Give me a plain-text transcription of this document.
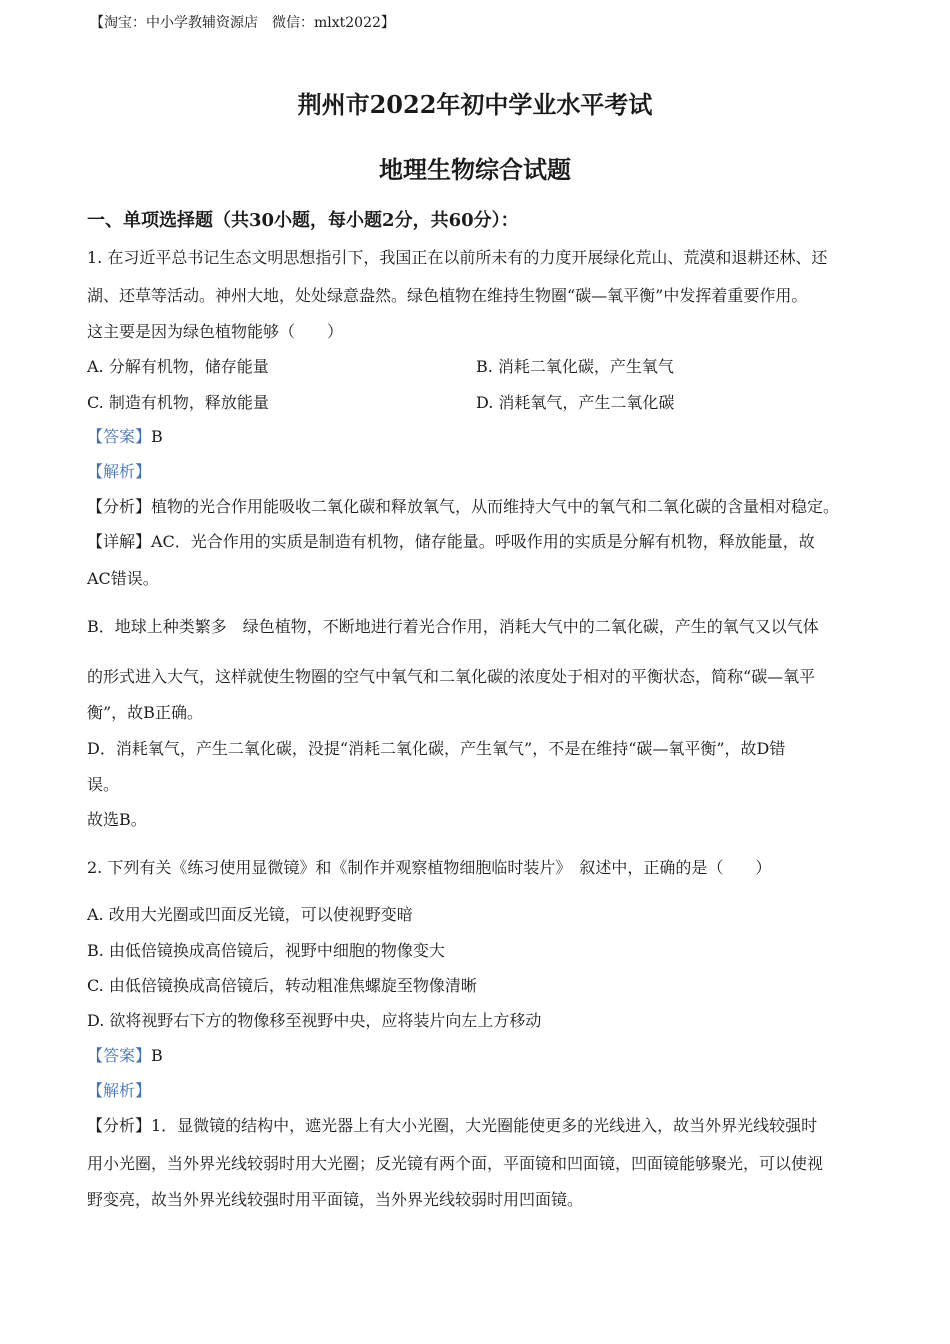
【淘宝：中小学教辅资源店　微信：mlxt2022】
荆州市2022年初中学业水平考试
地理生物综合试题
一、单项选择题（共30小题，每小题2分，共60分）：
1. 在习近平总书记生态文明思想指引下，我国正在以前所未有的力度开展绿化荒山、荒漠和退耕还林、还
湖、还草等活动。神州大地，处处绿意盎然。绿色植物在维持生物圈“碳—氧平衡”中发挥着重要作用。
这主要是因为绿色植物能够（　　）
A. 分解有机物，储存能量	B. 消耗二氧化碳，产生氧气
C. 制造有机物，释放能量	D. 消耗氧气，产生二氧化碳
【答案】B
【解析】
【分析】植物的光合作用能吸收二氧化碳和释放氧气，从而维持大气中的氧气和二氧化碳的含量相对稳定。
【详解】AC．光合作用的实质是制造有机物，储存能量。呼吸作用的实质是分解有机物，释放能量，故
AC错误。
B．地球上种类繁多　绿色植物，不断地进行着光合作用，消耗大气中的二氧化碳，产生的氧气又以气体
的形式进入大气，这样就使生物圈的空气中氧气和二氧化碳的浓度处于相对的平衡状态，简称“碳—氧平
衡”，故B正确。
D．消耗氧气，产生二氧化碳，没提“消耗二氧化碳，产生氧气”，不是在维持“碳—氧平衡”，故D错
误。
故选B。
2. 下列有关《练习使用显微镜》和《制作并观察植物细胞临时装片》　叙述中，正确的是（　　）
A. 改用大光圈或凹面反光镜，可以使视野变暗
B. 由低倍镜换成高倍镜后，视野中细胞的物像变大
C. 由低倍镜换成高倍镜后，转动粗准焦螺旋至物像清晰
D. 欲将视野右下方的物像移至视野中央，应将装片向左上方移动
【答案】B
【解析】
【分析】1．显微镜的结构中，遮光器上有大小光圈，大光圈能使更多的光线进入，故当外界光线较强时
用小光圈，当外界光线较弱时用大光圈；反光镜有两个面，平面镜和凹面镜，凹面镜能够聚光，可以使视
野变亮，故当外界光线较强时用平面镜，当外界光线较弱时用凹面镜。
